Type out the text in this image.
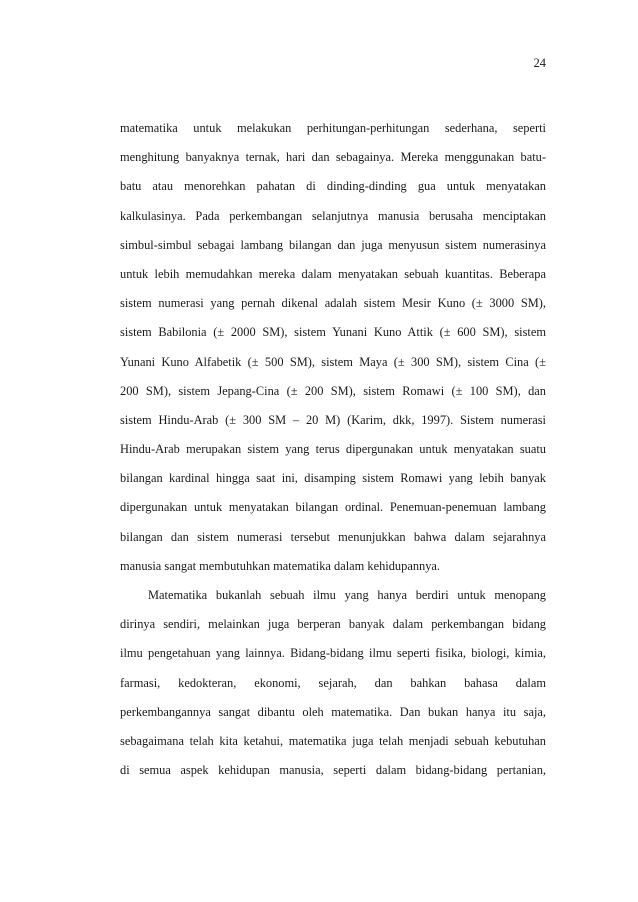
24
matematika untuk melakukan perhitungan-perhitungan sederhana, seperti
menghitung banyaknya ternak, hari dan sebagainya. Mereka menggunakan batu-
batu atau menorehkan pahatan di dinding-dinding gua untuk menyatakan
kalkulasinya. Pada perkembangan selanjutnya manusia berusaha menciptakan
simbul-simbul sebagai lambang bilangan dan juga menyusun sistem numerasinya
untuk lebih memudahkan mereka dalam menyatakan sebuah kuantitas. Beberapa
sistem numerasi yang pernah dikenal adalah sistem Mesir Kuno (± 3000 SM),
sistem Babilonia (± 2000 SM), sistem Yunani Kuno Attik (± 600 SM), sistem
Yunani Kuno Alfabetik (± 500 SM), sistem Maya (± 300 SM), sistem Cina (±
200 SM), sistem Jepang-Cina (± 200 SM), sistem Romawi (± 100 SM), dan
sistem Hindu-Arab (± 300 SM – 20 M) (Karim, dkk, 1997). Sistem numerasi
Hindu-Arab merupakan sistem yang terus dipergunakan untuk menyatakan suatu
bilangan kardinal hingga saat ini, disamping sistem Romawi yang lebih banyak
dipergunakan untuk menyatakan bilangan ordinal. Penemuan-penemuan lambang
bilangan dan sistem numerasi tersebut menunjukkan bahwa dalam sejarahnya
manusia sangat membutuhkan matematika dalam kehidupannya.
Matematika bukanlah sebuah ilmu yang hanya berdiri untuk menopang
dirinya sendiri, melainkan juga berperan banyak dalam perkembangan bidang
ilmu pengetahuan yang lainnya. Bidang-bidang ilmu seperti fisika, biologi, kimia,
farmasi, kedokteran, ekonomi, sejarah, dan bahkan bahasa dalam
perkembangannya sangat dibantu oleh matematika. Dan bukan hanya itu saja,
sebagaimana telah kita ketahui, matematika juga telah menjadi sebuah kebutuhan
di semua aspek kehidupan manusia, seperti dalam bidang-bidang pertanian,
